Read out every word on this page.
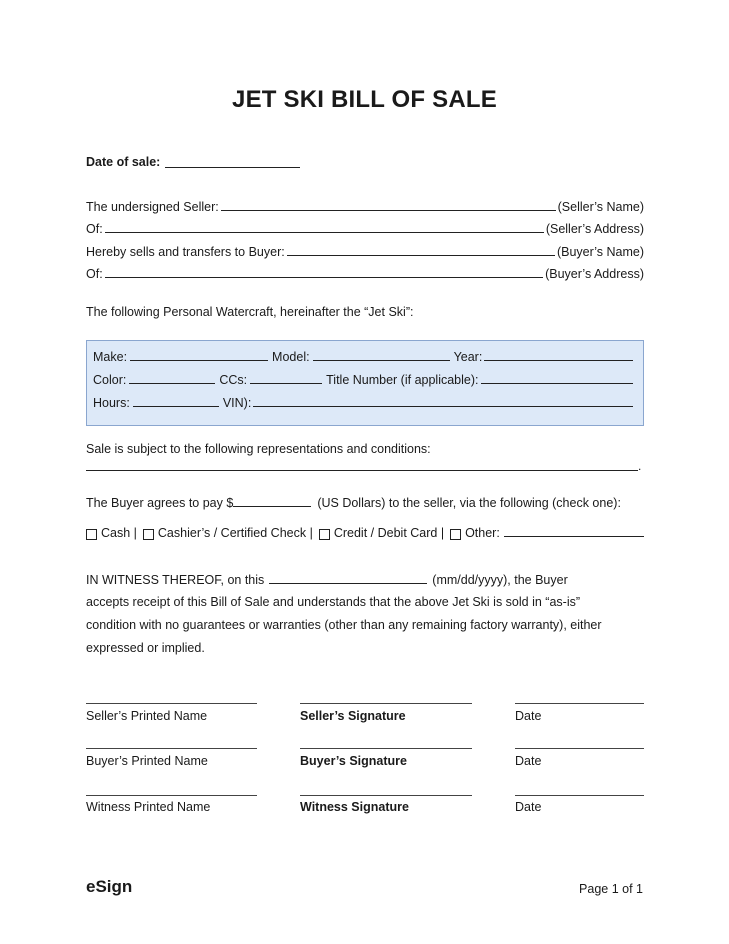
JET SKI BILL OF SALE
Date of sale:
The undersigned Seller:	(Seller’s Name)
Of:	(Seller’s Address)
Hereby sells and transfers to Buyer:	(Buyer’s Name)
Of:	(Buyer’s Address)
The following Personal Watercraft, hereinafter the “Jet Ski”:
Make:	Model:	Year:
Color:	CCs:	Title Number (if applicable):
Hours:	VIN):
Sale is subject to the following representations and conditions:
.
The Buyer agrees to pay $	(US Dollars) to the seller, via the following (check one):
Cash | Cashier’s / Certified Check | Credit / Debit Card | Other:
IN WITNESS THEREOF, on this	(mm/dd/yyyy), the Buyer
accepts receipt of this Bill of Sale and understands that the above Jet Ski is sold in “as-is”
condition with no guarantees or warranties (other than any remaining factory warranty), either
expressed or implied.
Seller’s Printed Name	Seller’s Signature	Date
Buyer’s Printed Name	Buyer’s Signature	Date
Witness Printed Name	Witness Signature	Date
eSign	Page 1 of 1
